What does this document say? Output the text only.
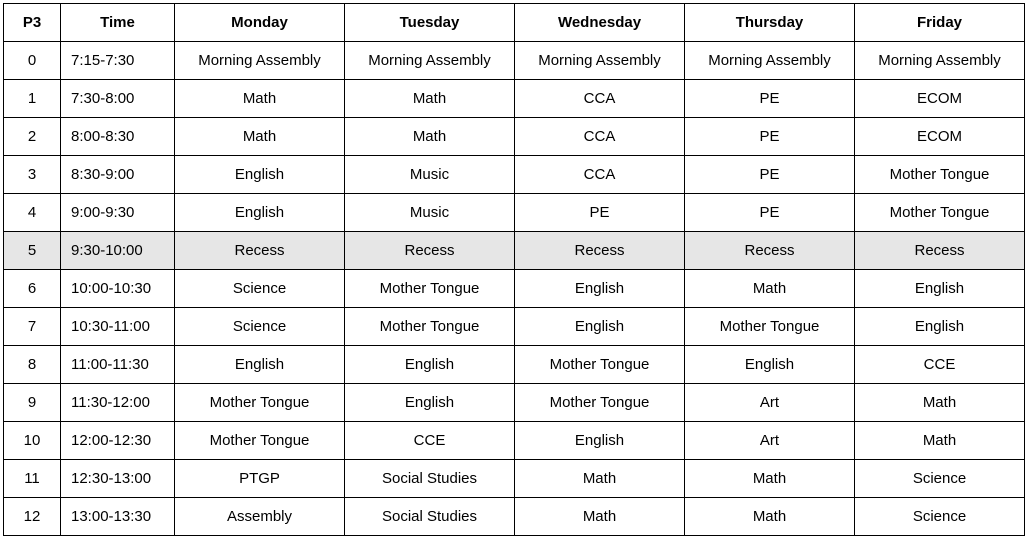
P3	Time	Monday	Tuesday	Wednesday	Thursday	Friday
0	7:15-7:30	Morning Assembly	Morning Assembly	Morning Assembly	Morning Assembly	Morning Assembly
1	7:30-8:00	Math	Math	CCA	PE	ECOM
2	8:00-8:30	Math	Math	CCA	PE	ECOM
3	8:30-9:00	English	Music	CCA	PE	Mother Tongue
4	9:00-9:30	English	Music	PE	PE	Mother Tongue
5	9:30-10:00	Recess	Recess	Recess	Recess	Recess
6	10:00-10:30	Science	Mother Tongue	English	Math	English
7	10:30-11:00	Science	Mother Tongue	English	Mother Tongue	English
8	11:00-11:30	English	English	Mother Tongue	English	CCE
9	11:30-12:00	Mother Tongue	English	Mother Tongue	Art	Math
10	12:00-12:30	Mother Tongue	CCE	English	Art	Math
11	12:30-13:00	PTGP	Social Studies	Math	Math	Science
12	13:00-13:30	Assembly	Social Studies	Math	Math	Science
